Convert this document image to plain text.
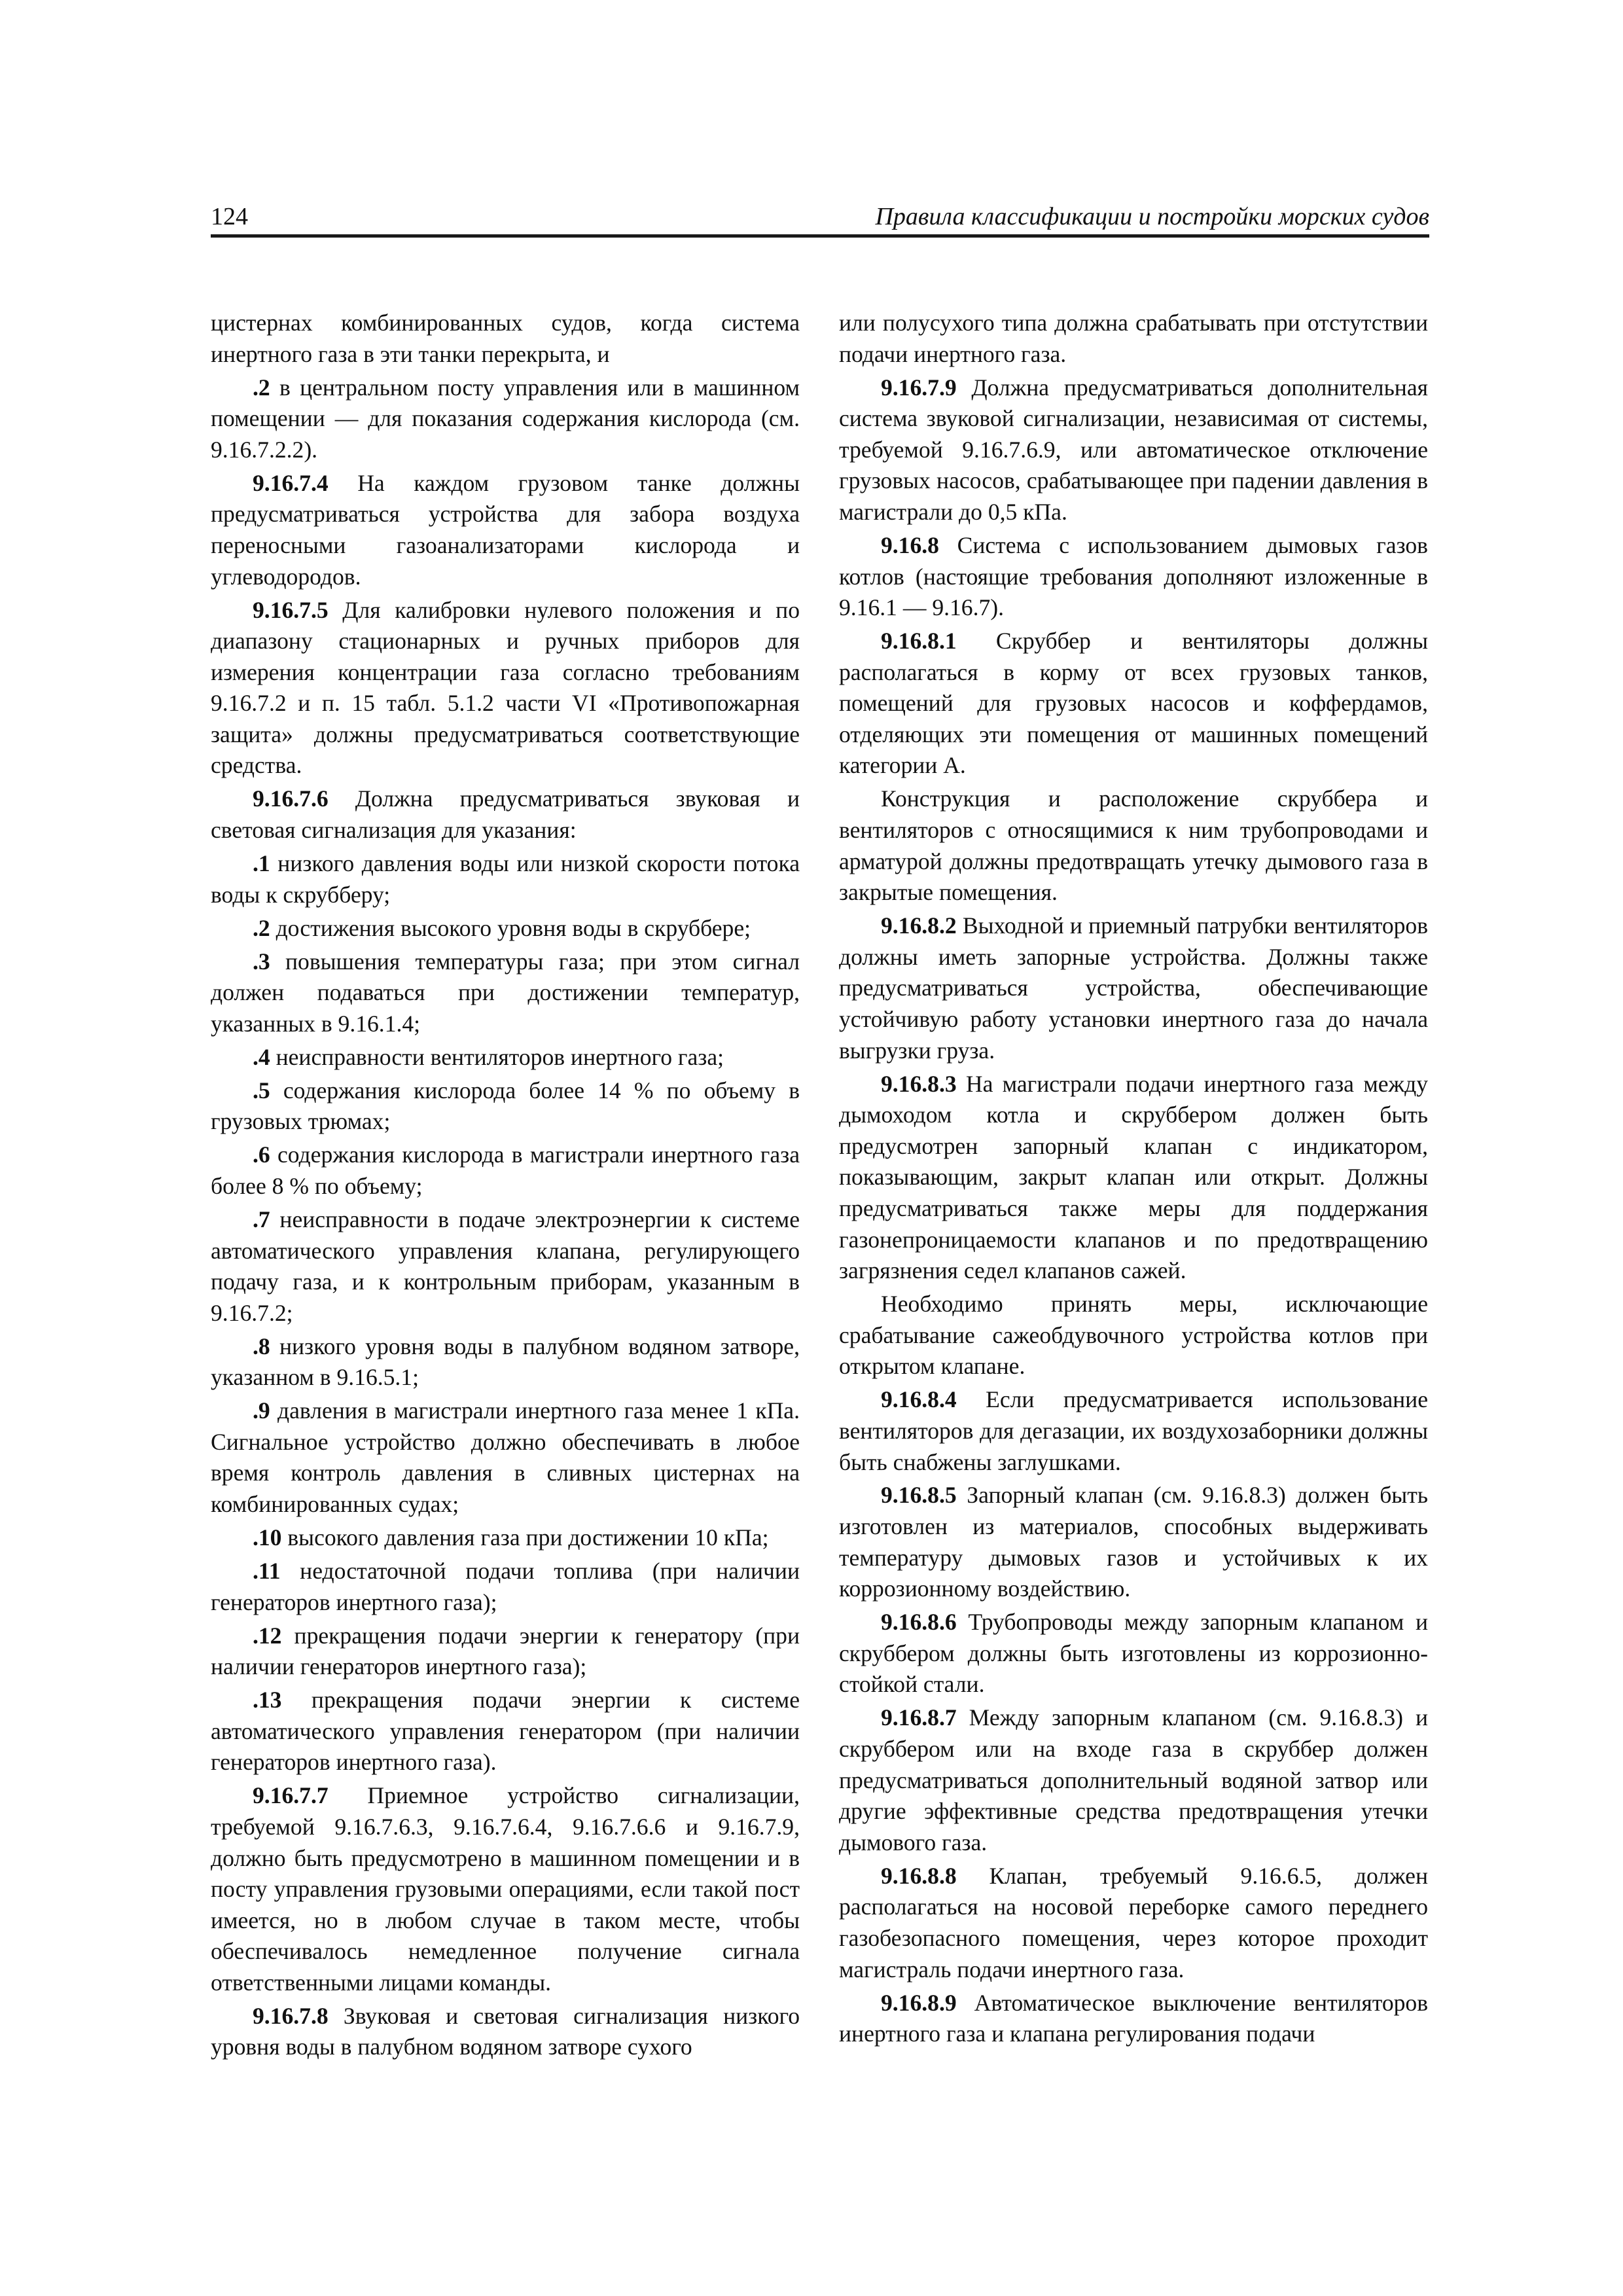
124	Правила классификации и постройки морских судов

цистернах комбинированных судов, когда система инертного газа в эти танки перекрыта, и

.2 в центральном посту управления или в машинном помещении — для показания содержания кислорода (см. 9.16.7.2.2).

9.16.7.4 На каждом грузовом танке должны предусматриваться устройства для забора воздуха переносными газоанализаторами кислорода и углеводородов.

9.16.7.5 Для калибровки нулевого положения и по диапазону стационарных и ручных приборов для измерения концентрации газа согласно требованиям 9.16.7.2 и п. 15 табл. 5.1.2 части VI «Противопожарная защита» должны предусматриваться соответствующие средства.

9.16.7.6 Должна предусматриваться звуковая и световая сигнализация для указания:

.1 низкого давления воды или низкой скорости потока воды к скрубберу;

.2 достижения высокого уровня воды в скруббере;

.3 повышения температуры газа; при этом сигнал должен подаваться при достижении температур, указанных в 9.16.1.4;

.4 неисправности вентиляторов инертного газа;

.5 содержания кислорода более 14 % по объему в грузовых трюмах;

.6 содержания кислорода в магистрали инертного газа более 8 % по объему;

.7 неисправности в подаче электроэнергии к системе автоматического управления клапана, регулирующего подачу газа, и к контрольным приборам, указанным в 9.16.7.2;

.8 низкого уровня воды в палубном водяном затворе, указанном в 9.16.5.1;

.9 давления в магистрали инертного газа менее 1 кПа. Сигнальное устройство должно обеспечивать в любое время контроль давления в сливных цистернах на комбинированных судах;

.10 высокого давления газа при достижении 10 кПа;

.11 недостаточной подачи топлива (при наличии генераторов инертного газа);

.12 прекращения подачи энергии к генератору (при наличии генераторов инертного газа);

.13 прекращения подачи энергии к системе автоматического управления генератором (при наличии генераторов инертного газа).

9.16.7.7 Приемное устройство сигнализации, требуемой 9.16.7.6.3, 9.16.7.6.4, 9.16.7.6.6 и 9.16.7.9, должно быть предусмотрено в машинном помещении и в посту управления грузовыми операциями, если такой пост имеется, но в любом случае в таком месте, чтобы обеспечивалось немедленное получение сигнала ответственными лицами команды.

9.16.7.8 Звуковая и световая сигнализация низкого уровня воды в палубном водяном затворе сухого

или полусухого типа должна срабатывать при отстутствии подачи инертного газа.

9.16.7.9 Должна предусматриваться дополнительная система звуковой сигнализации, независимая от системы, требуемой 9.16.7.6.9, или автоматическое отключение грузовых насосов, срабатывающее при падении давления в магистрали до 0,5 кПа.

9.16.8 Система с использованием дымовых газов котлов (настоящие требования дополняют изложенные в 9.16.1 — 9.16.7).

9.16.8.1 Скруббер и вентиляторы должны располагаться в корму от всех грузовых танков, помещений для грузовых насосов и коффердамов, отделяющих эти помещения от машинных помещений категории А.

Конструкция и расположение скруббера и вентиляторов с относящимися к ним трубопроводами и арматурой должны предотвращать утечку дымового газа в закрытые помещения.

9.16.8.2 Выходной и приемный патрубки вентиляторов должны иметь запорные устройства. Должны также предусматриваться устройства, обеспечивающие устойчивую работу установки инертного газа до начала выгрузки груза.

9.16.8.3 На магистрали подачи инертного газа между дымоходом котла и скруббером должен быть предусмотрен запорный клапан с индикатором, показывающим, закрыт клапан или открыт. Должны предусматриваться также меры для поддержания газонепроницаемости клапанов и по предотвращению загрязнения седел клапанов сажей.

Необходимо принять меры, исключающие срабатывание сажеобдувочного устройства котлов при открытом клапане.

9.16.8.4 Если предусматривается использование вентиляторов для дегазации, их воздухозаборники должны быть снабжены заглушками.

9.16.8.5 Запорный клапан (см. 9.16.8.3) должен быть изготовлен из материалов, способных выдерживать температуру дымовых газов и устойчивых к их коррозионному воздействию.

9.16.8.6 Трубопроводы между запорным клапаном и скруббером должны быть изготовлены из коррозионно-стойкой стали.

9.16.8.7 Между запорным клапаном (см. 9.16.8.3) и скруббером или на входе газа в скруббер должен предусматриваться дополнительный водяной затвор или другие эффективные средства предотвращения утечки дымового газа.

9.16.8.8 Клапан, требуемый 9.16.6.5, должен располагаться на носовой переборке самого переднего газобезопасного помещения, через которое проходит магистраль подачи инертного газа.

9.16.8.9 Автоматическое выключение вентиляторов инертного газа и клапана регулирования подачи
